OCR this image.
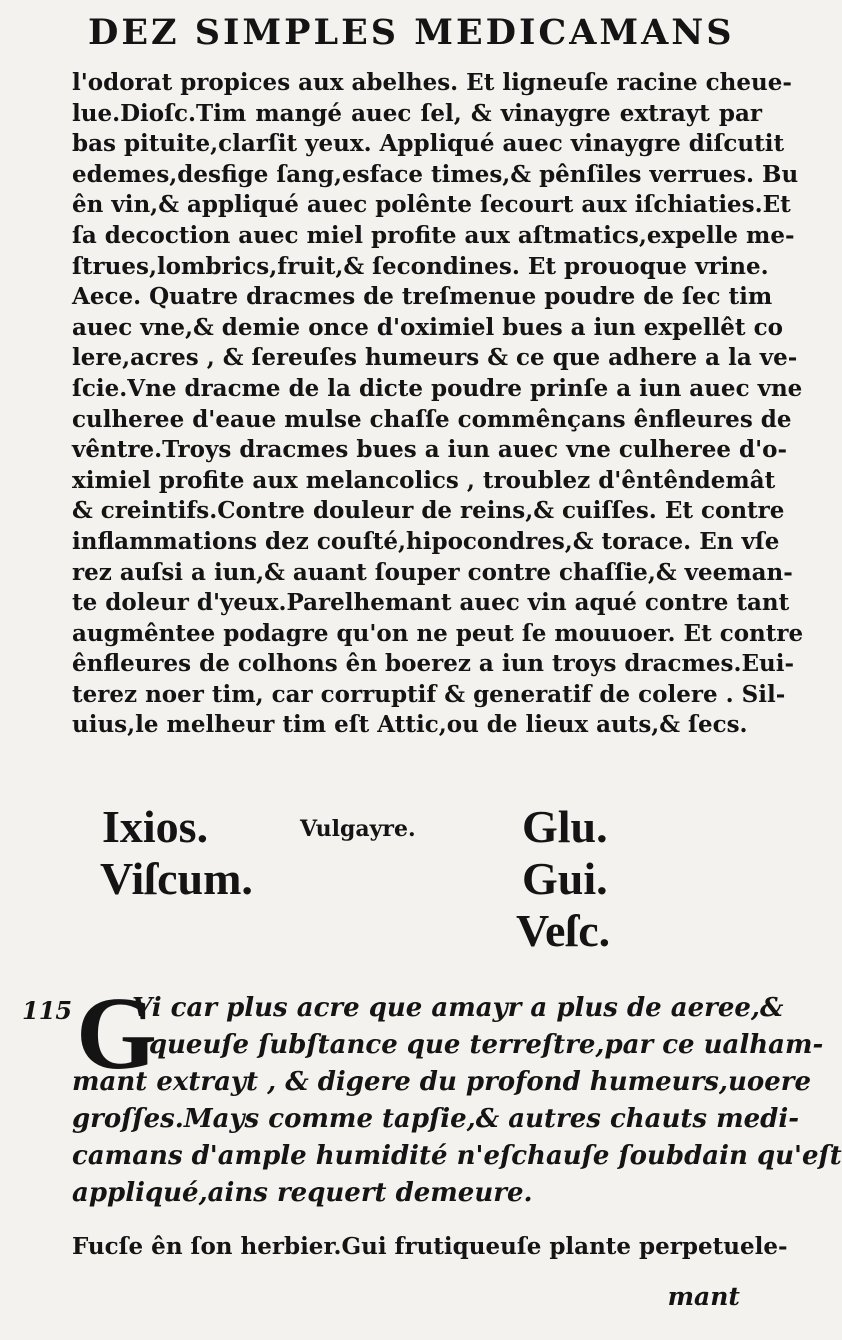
DEZ SIMPLES MEDICAMANS
l'odorat propices aux abelhes. Et ligneuſe racine cheue-
lue.Dioſc.Tim mangé auec ſel, & vinaygre extrayt par
bas pituite,clarſit yeux. Appliqué auec vinaygre diſcutit
edemes,desfige ſang,esface times,& pênſiles verrues. Bu
ên vin,& appliqué auec polênte ſecourt aux iſchiaties.Et
ſa decoction auec miel profite aux aſtmatics,expelle me-
ſtrues,lombrics,fruit,& ſecondines. Et prouoque vrine.
Aece. Quatre dracmes de treſmenue poudre de ſec tim
auec vne,& demie once d'oximiel bues a iun expellêt co
lere,acres , & ſereuſes humeurs & ce que adhere a la ve-
ſcie.Vne dracme de la dicte poudre prinſe a iun auec vne
culheree d'eaue mulse chaſſe commênçans ênfleures de
vêntre.Troys dracmes bues a iun auec vne culheree d'o-
ximiel profite aux melancolics , troublez d'êntêndemât
& creintifs.Contre douleur de reins,& cuiſſes. Et contre
inflammations dez couſté,hipocondres,& torace. En vſe
rez auſsi a iun,& auant ſouper contre chaſſie,& veeman-
te doleur d'yeux.Parelhemant auec vin aqué contre tant
augmêntee podagre qu'on ne peut ſe mouuoer. Et contre
ênfleures de colhons ên boerez a iun troys dracmes.Eui-
terez noer tim, car corruptif & generatif de colere . Sil-
uius,le melheur tim eſt Attic,ou de lieux auts,& ſecs.
Ixios.
Viſcum.
Vulgayre. Glu.
Gui.
Veſc.
115 G
Vi car plus acre que amayr a plus de aeree,&
aqueuſe ſubſtance que terreſtre,par ce ualham-
mant extrayt , & digere du profond humeurs,uoere
groſſes.Mays comme tapſie,& autres chauts medi-
camans d'ample humidité n'eſchauſe ſoubdain qu'eſt
appliqué,ains requert demeure.
Fucſe ên ſon herbier.Gui frutiqueuſe plante perpetuele-
mant
